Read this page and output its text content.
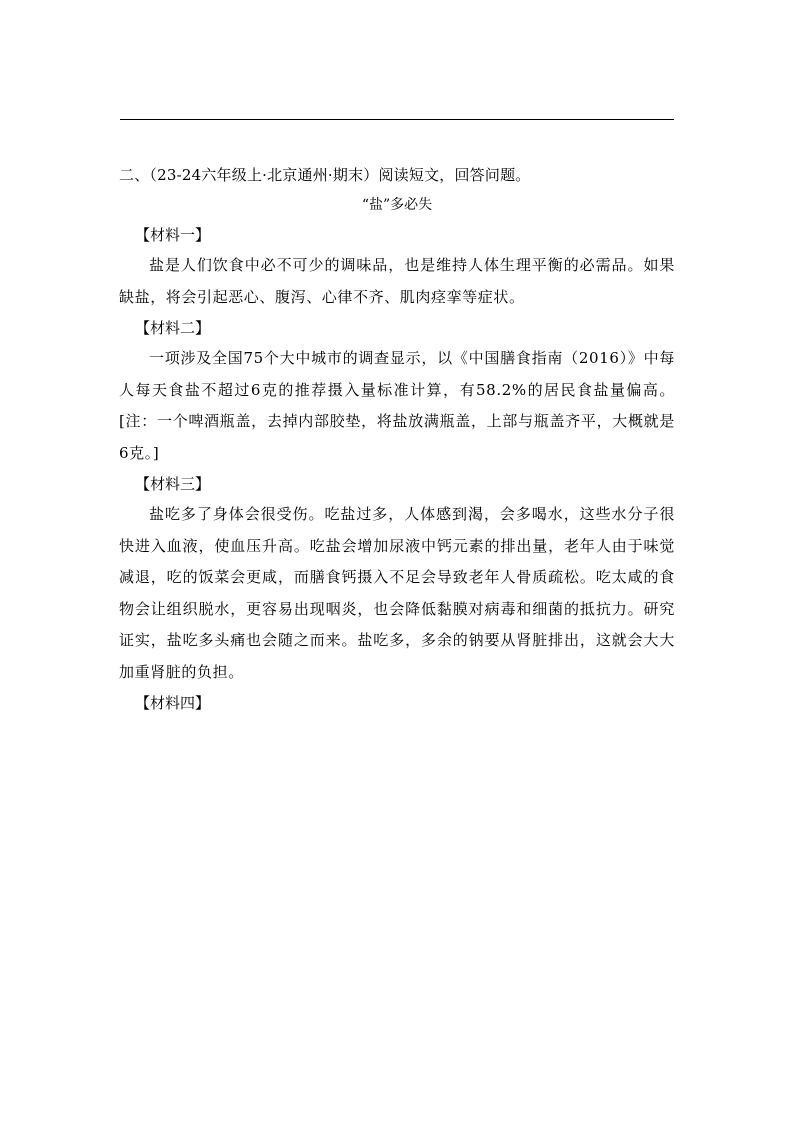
二、（23-24六年级上·北京通州·期末）阅读短文，回答问题。

“盐”多必失

【材料一】

盐是人们饮食中必不可少的调味品，也是维持人体生理平衡的必需品。如果缺盐，将会引起恶心、腹泻、心律不齐、肌肉痉挛等症状。

【材料二】

一项涉及全国75个大中城市的调查显示，以《中国膳食指南（2016）》中每人每天食盐不超过6克的推荐摄入量标准计算，有58.2%的居民食盐量偏高。[注：一个啤酒瓶盖，去掉内部胶垫，将盐放满瓶盖，上部与瓶盖齐平，大概就是6克。]

【材料三】

盐吃多了身体会很受伤。吃盐过多，人体感到渴，会多喝水，这些水分子很快进入血液，使血压升高。吃盐会增加尿液中钙元素的排出量，老年人由于味觉减退，吃的饭菜会更咸，而膳食钙摄入不足会导致老年人骨质疏松。吃太咸的食物会让组织脱水，更容易出现咽炎，也会降低黏膜对病毒和细菌的抵抗力。研究证实，盐吃多头痛也会随之而来。盐吃多，多余的钠要从肾脏排出，这就会大大加重肾脏的负担。

【材料四】
